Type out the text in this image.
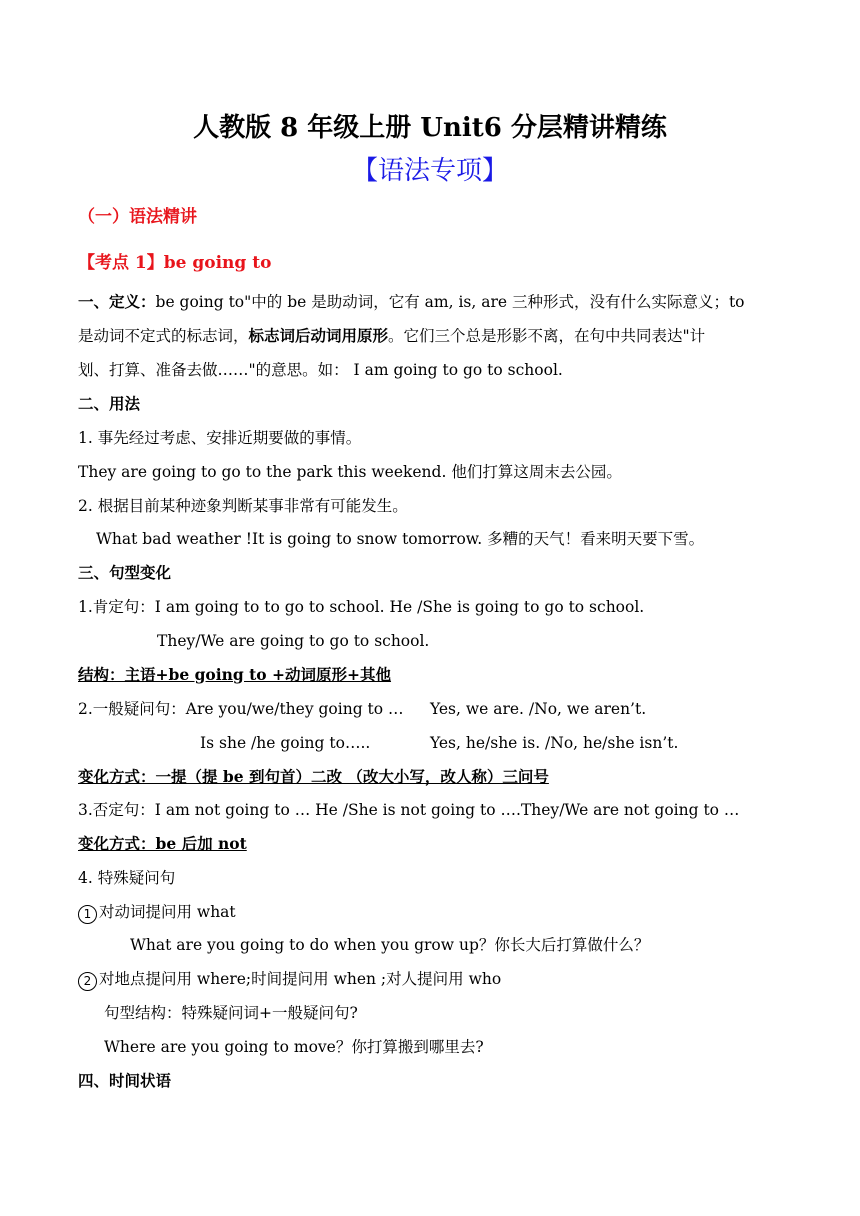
人教版 8 年级上册 Unit6 分层精讲精练
【语法专项】
（一）语法精讲
【考点 1】be going to
一、定义：be going to"中的 be 是助动词，它有 am, is, are 三种形式，没有什么实际意义；to
是动词不定式的标志词，标志词后动词用原形。它们三个总是形影不离，在句中共同表达"计
划、打算、准备去做……"的意思。如： I am going to go to school.
二、用法
1. 事先经过考虑、安排近期要做的事情。
They are going to go to the park this weekend. 他们打算这周末去公园。
2. 根据目前某种迹象判断某事非常有可能发生。
What bad weather !It is going to snow tomorrow. 多糟的天气！看来明天要下雪。
三、句型变化
1.肯定句：I am going to to go to school. He /She is going to go to school.
They/We are going to go to school.
结构：主语+be going to +动词原形+其他
2.一般疑问句：Are you/we/they going to … Yes, we are. /No, we aren’t.
Is she /he going to…..	Yes, he/she is. /No, he/she isn’t.
变化方式：一提（提 be 到句首）二改 （改大小写，改人称）三问号
3.否定句：I am not going to … He /She is not going to ….They/We are not going to …
变化方式：be 后加 not
4. 特殊疑问句
1 对动词提问用 what
What are you going to do when you grow up？你长大后打算做什么？
2 对地点提问用 where;时间提问用 when ;对人提问用 who
句型结构：特殊疑问词+一般疑问句?
Where are you going to move？你打算搬到哪里去?
四、时间状语
